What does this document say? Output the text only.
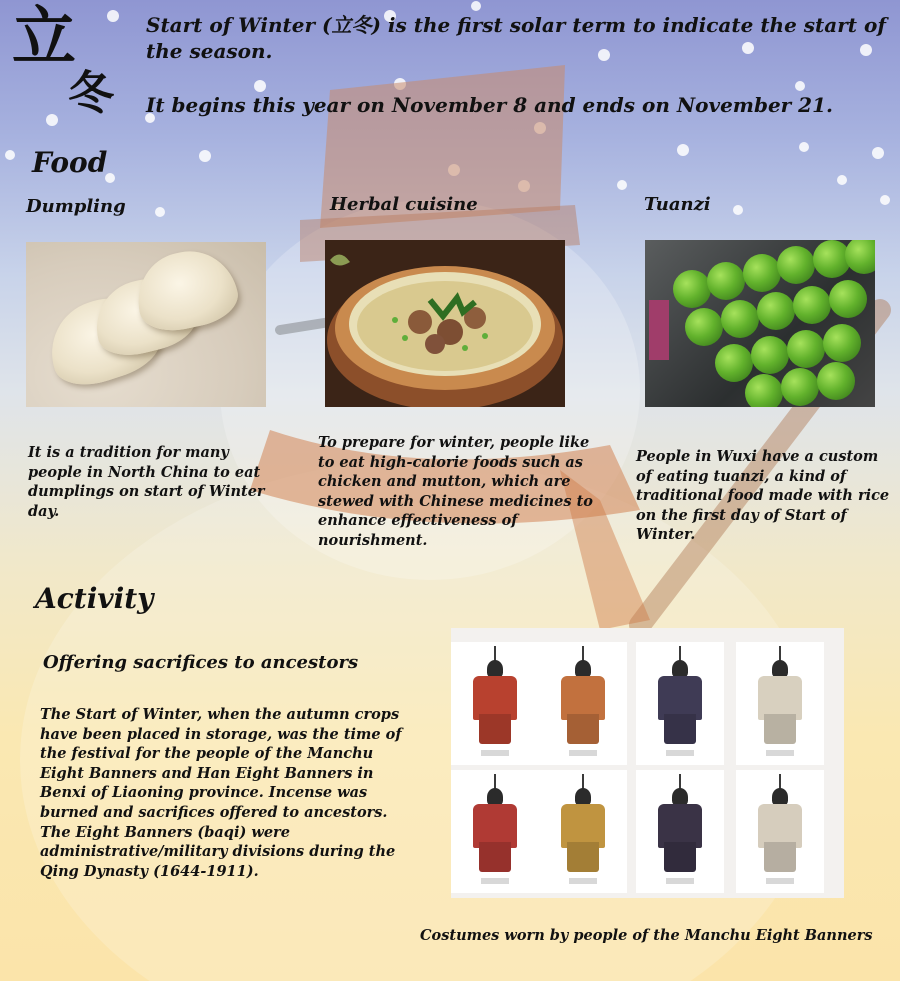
立
冬
Start of Winter (立冬) is the first solar term to indicate the start of the season.
It begins this year on November 8 and ends on November 21.
Food
Dumpling	Herbal cuisine	Tuanzi
It is a tradition for many people in North China to eat dumplings on start of Winter day.
To prepare for winter, people like to eat high-calorie foods such as chicken and mutton, which are stewed with Chinese medicines to enhance effectiveness of nourishment.
People in Wuxi have a custom of eating tuanzi, a kind of traditional food made with rice on the first day of Start of Winter.
Activity
Offering sacrifices to ancestors
The Start of Winter, when the autumn crops have been placed in storage, was the time of the festival for the people of the Manchu Eight Banners and Han Eight Banners in Benxi of Liaoning province. Incense was burned and sacrifices offered to ancestors. The Eight Banners (baqi) were administrative/military divisions during the Qing Dynasty (1644-1911).
Costumes worn by people of the Manchu Eight Banners
